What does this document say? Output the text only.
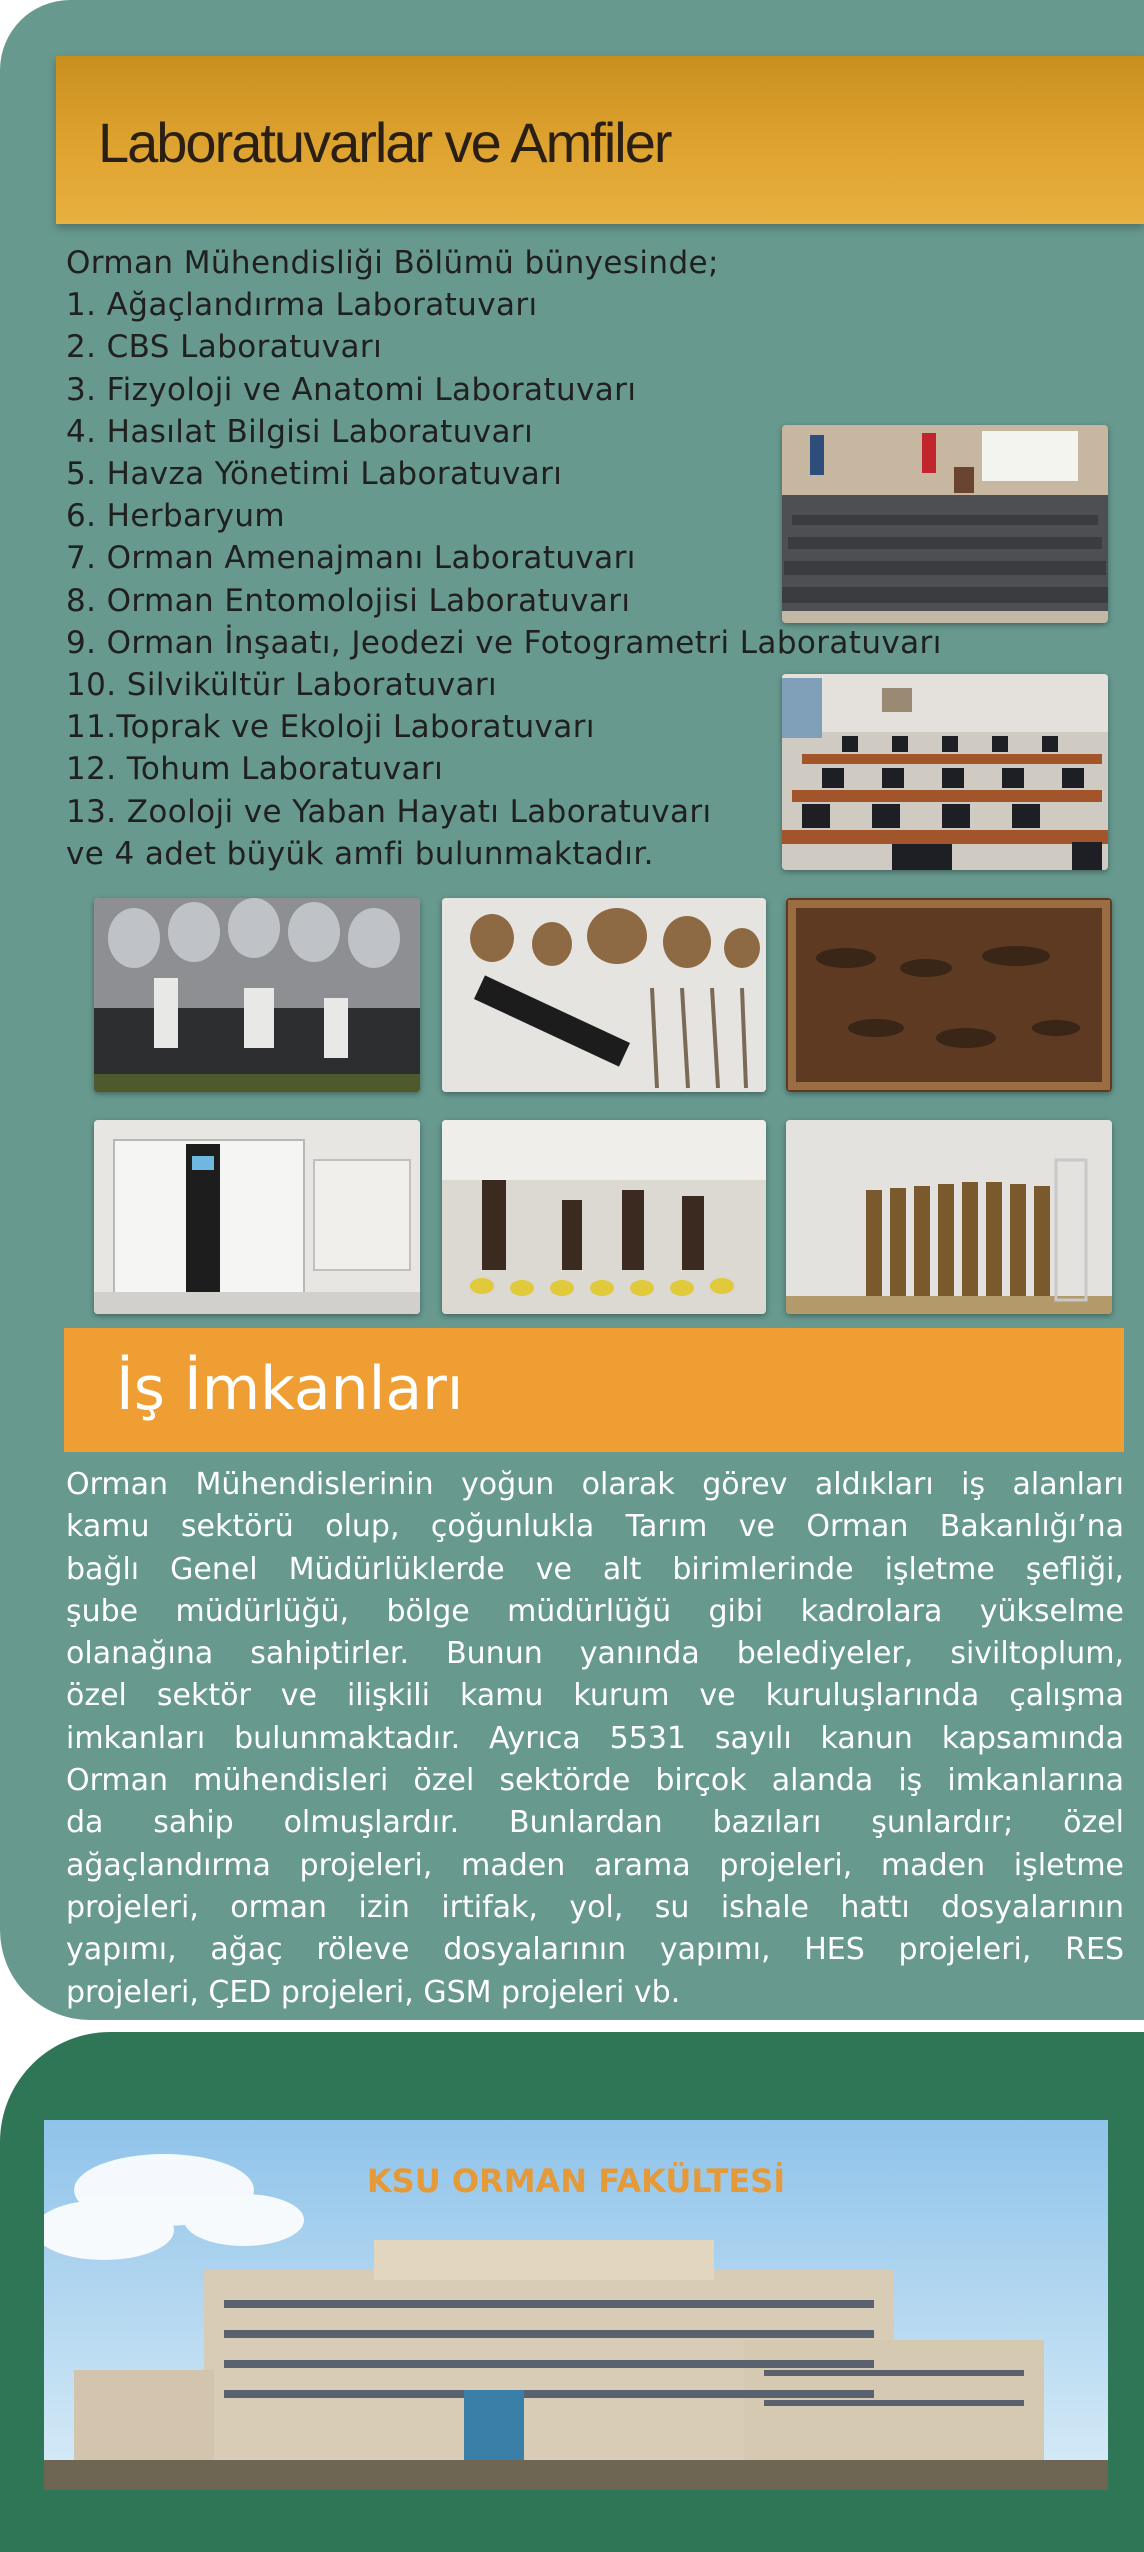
Laboratuvarlar ve Amfiler
Orman Mühendisliği Bölümü bünyesinde;
1. Ağaçlandırma Laboratuvarı
2. CBS Laboratuvarı
3. Fizyoloji ve Anatomi Laboratuvarı
4. Hasılat Bilgisi Laboratuvarı
5. Havza Yönetimi Laboratuvarı
6. Herbaryum
7. Orman Amenajmanı Laboratuvarı
8. Orman Entomolojisi Laboratuvarı
9. Orman İnşaatı, Jeodezi ve Fotogrametri Laboratuvarı
10. Silvikültür Laboratuvarı
11.Toprak ve Ekoloji Laboratuvarı
12. Tohum Laboratuvarı
13. Zooloji ve Yaban Hayatı Laboratuvarı
ve 4 adet büyük amfi bulunmaktadır.
İş İmkanları
Orman Mühendislerinin yoğun olarak görev aldıkları iş alanları
kamu sektörü olup, çoğunlukla Tarım ve Orman Bakanlığı’na
bağlı Genel Müdürlüklerde ve alt birimlerinde işletme şefliği,
şube müdürlüğü, bölge müdürlüğü gibi kadrolara yükselme
olanağına sahiptirler. Bunun yanında belediyeler, siviltoplum,
özel sektör ve ilişkili kamu kurum ve kuruluşlarında çalışma
imkanları bulunmaktadır. Ayrıca 5531 sayılı kanun kapsamında
Orman mühendisleri özel sektörde birçok alanda iş imkanlarına
da sahip olmuşlardır. Bunlardan bazıları şunlardır; özel
ağaçlandırma projeleri, maden arama projeleri, maden işletme
projeleri, orman izin irtifak, yol, su ishale hattı dosyalarının
yapımı, ağaç röleve dosyalarının yapımı, HES projeleri, RES
projeleri, ÇED projeleri, GSM projeleri vb.
KSU ORMAN FAKÜLTESİ
